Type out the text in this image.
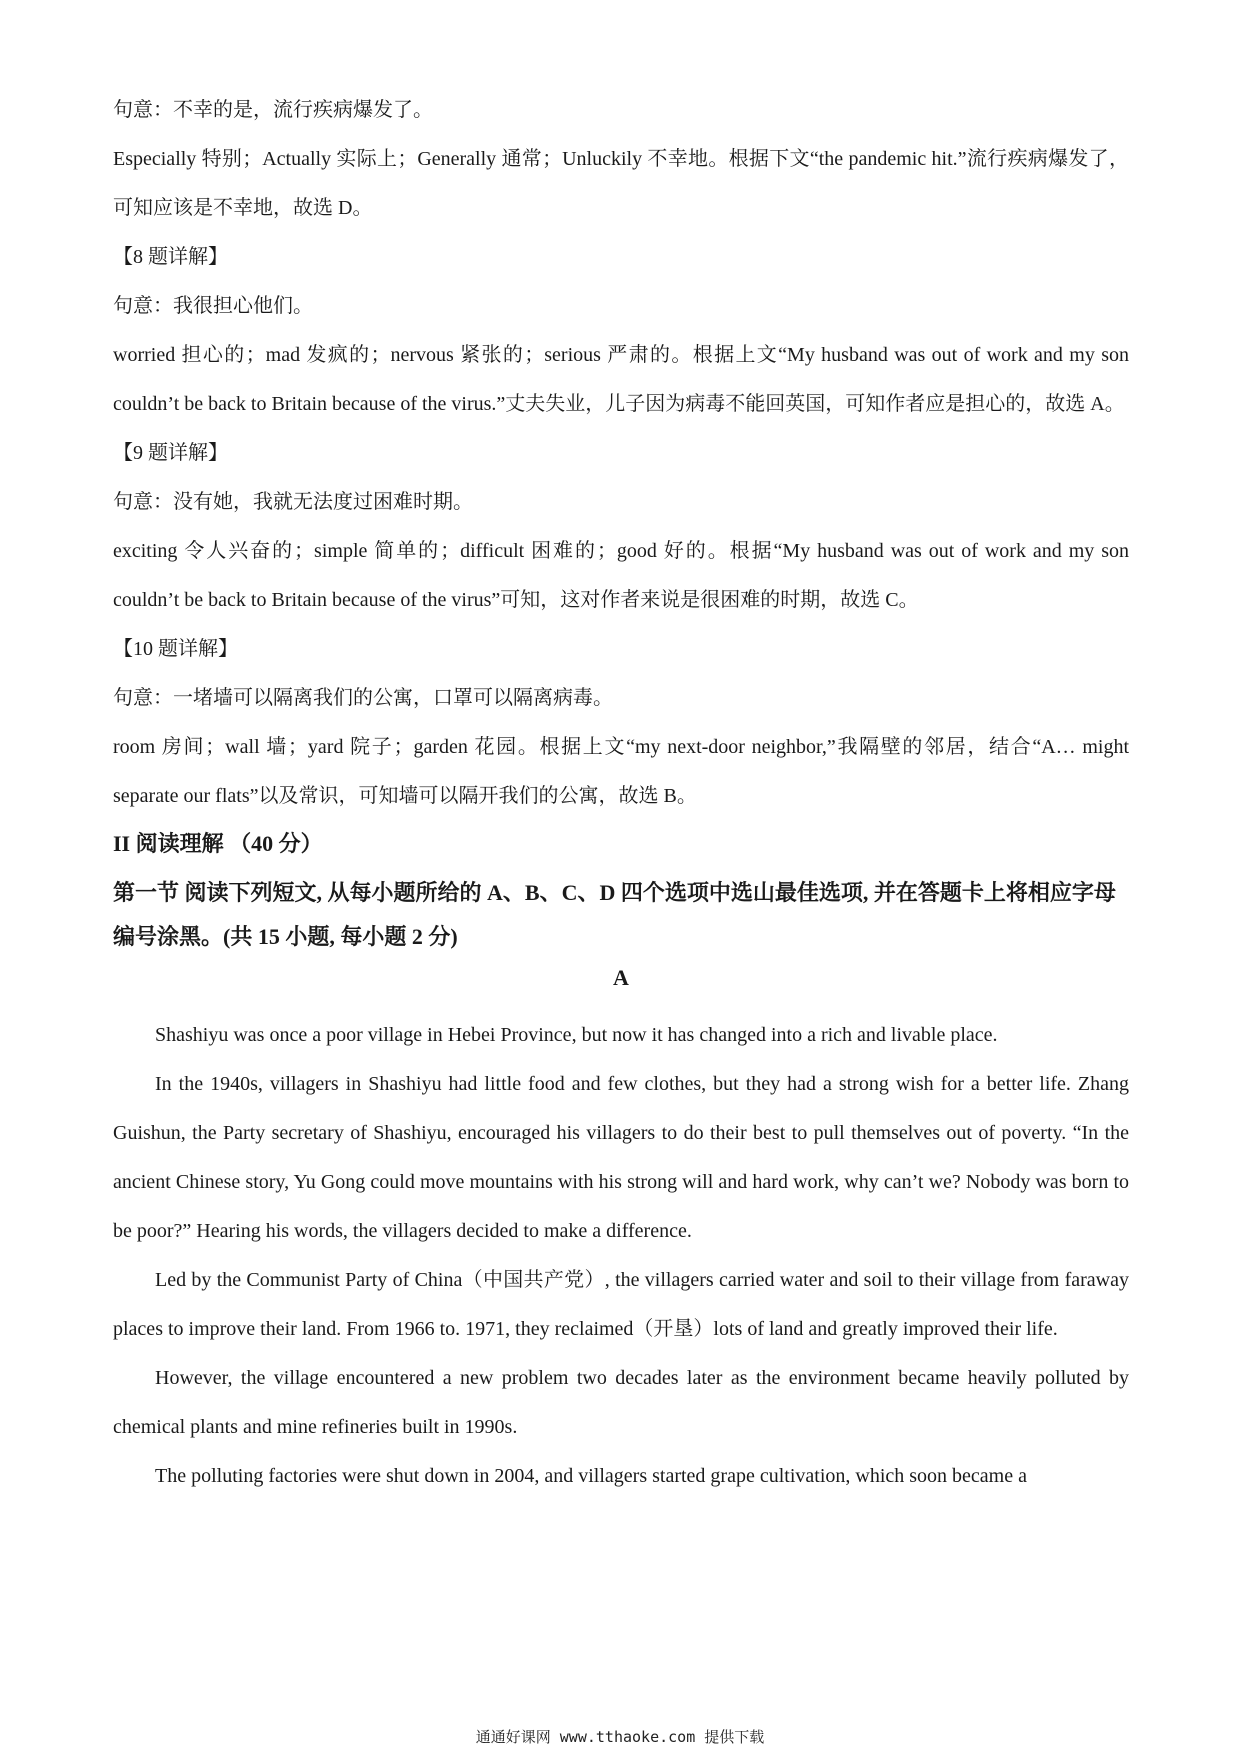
句意：不幸的是，流行疾病爆发了。

Especially 特别；Actually 实际上；Generally 通常；Unluckily 不幸地。根据下文“the pandemic hit.”流行疾病爆发了，可知应该是不幸地，故选 D。

【8 题详解】

句意：我很担心他们。

worried 担心的；mad 发疯的；nervous 紧张的；serious 严肃的。根据上文“My husband was out of work and my son couldn’t be back to Britain because of the virus.”丈夫失业，儿子因为病毒不能回英国，可知作者应是担心的，故选 A。

【9 题详解】

句意：没有她，我就无法度过困难时期。

exciting 令人兴奋的；simple 简单的；difficult 困难的；good 好的。根据“My husband was out of work and my son couldn’t be back to Britain because of the virus”可知，这对作者来说是很困难的时期，故选 C。

【10 题详解】

句意：一堵墙可以隔离我们的公寓，口罩可以隔离病毒。

room 房间；wall 墙；yard 院子；garden 花园。根据上文“my next-door neighbor,”我隔壁的邻居，结合“A… might separate our flats”以及常识，可知墙可以隔开我们的公寓，故选 B。

II 阅读理解 （40 分）

第一节 阅读下列短文, 从每小题所给的 A、B、C、D 四个选项中选山最佳选项, 并在答题卡上将相应字母编号涂黑。(共 15 小题, 每小题 2 分)

A

Shashiyu was once a poor village in Hebei Province, but now it has changed into a rich and livable place.

In the 1940s, villagers in Shashiyu had little food and few clothes, but they had a strong wish for a better life. Zhang Guishun, the Party secretary of Shashiyu, encouraged his villagers to do their best to pull themselves out of poverty. “In the ancient Chinese story, Yu Gong could move mountains with his strong will and hard work, why can’t we? Nobody was born to be poor?” Hearing his words, the villagers decided to make a difference.

Led by the Communist Party of China（中国共产党）, the villagers carried water and soil to their village from faraway places to improve their land. From 1966 to. 1971, they reclaimed（开垦）lots of land and greatly improved their life.

However, the village encountered a new problem two decades later as the environment became heavily polluted by chemical plants and mine refineries built in 1990s.

The polluting factories were shut down in 2004, and villagers started grape cultivation, which soon became a

通通好课网 www.tthaoke.com 提供下载
